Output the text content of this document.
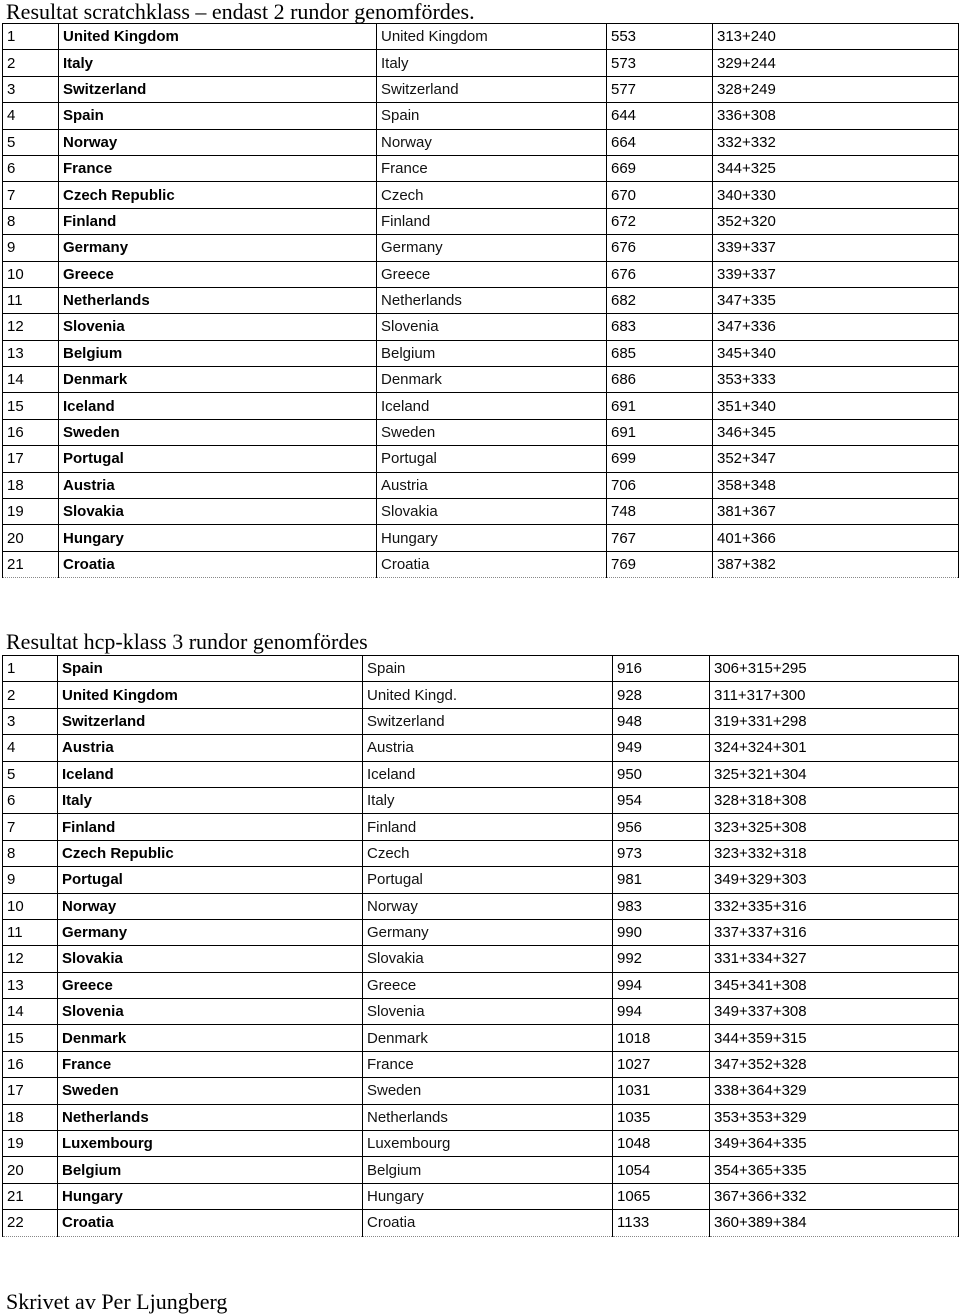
Resultat scratchklass – endast 2 rundor genomfördes.
1	United Kingdom	United Kingdom	553	313+240
2	Italy	Italy	573	329+244
3	Switzerland	Switzerland	577	328+249
4	Spain	Spain	644	336+308
5	Norway	Norway	664	332+332
6	France	France	669	344+325
7	Czech Republic	Czech	670	340+330
8	Finland	Finland	672	352+320
9	Germany	Germany	676	339+337
10	Greece	Greece	676	339+337
11	Netherlands	Netherlands	682	347+335
12	Slovenia	Slovenia	683	347+336
13	Belgium	Belgium	685	345+340
14	Denmark	Denmark	686	353+333
15	Iceland	Iceland	691	351+340
16	Sweden	Sweden	691	346+345
17	Portugal	Portugal	699	352+347
18	Austria	Austria	706	358+348
19	Slovakia	Slovakia	748	381+367
20	Hungary	Hungary	767	401+366
21	Croatia	Croatia	769	387+382
Resultat hcp-klass 3 rundor genomfördes
1	Spain	Spain	916	306+315+295
2	United Kingdom	United Kingd.	928	311+317+300
3	Switzerland	Switzerland	948	319+331+298
4	Austria	Austria	949	324+324+301
5	Iceland	Iceland	950	325+321+304
6	Italy	Italy	954	328+318+308
7	Finland	Finland	956	323+325+308
8	Czech Republic	Czech	973	323+332+318
9	Portugal	Portugal	981	349+329+303
10	Norway	Norway	983	332+335+316
11	Germany	Germany	990	337+337+316
12	Slovakia	Slovakia	992	331+334+327
13	Greece	Greece	994	345+341+308
14	Slovenia	Slovenia	994	349+337+308
15	Denmark	Denmark	1018	344+359+315
16	France	France	1027	347+352+328
17	Sweden	Sweden	1031	338+364+329
18	Netherlands	Netherlands	1035	353+353+329
19	Luxembourg	Luxembourg	1048	349+364+335
20	Belgium	Belgium	1054	354+365+335
21	Hungary	Hungary	1065	367+366+332
22	Croatia	Croatia	1133	360+389+384
Skrivet av Per Ljungberg
